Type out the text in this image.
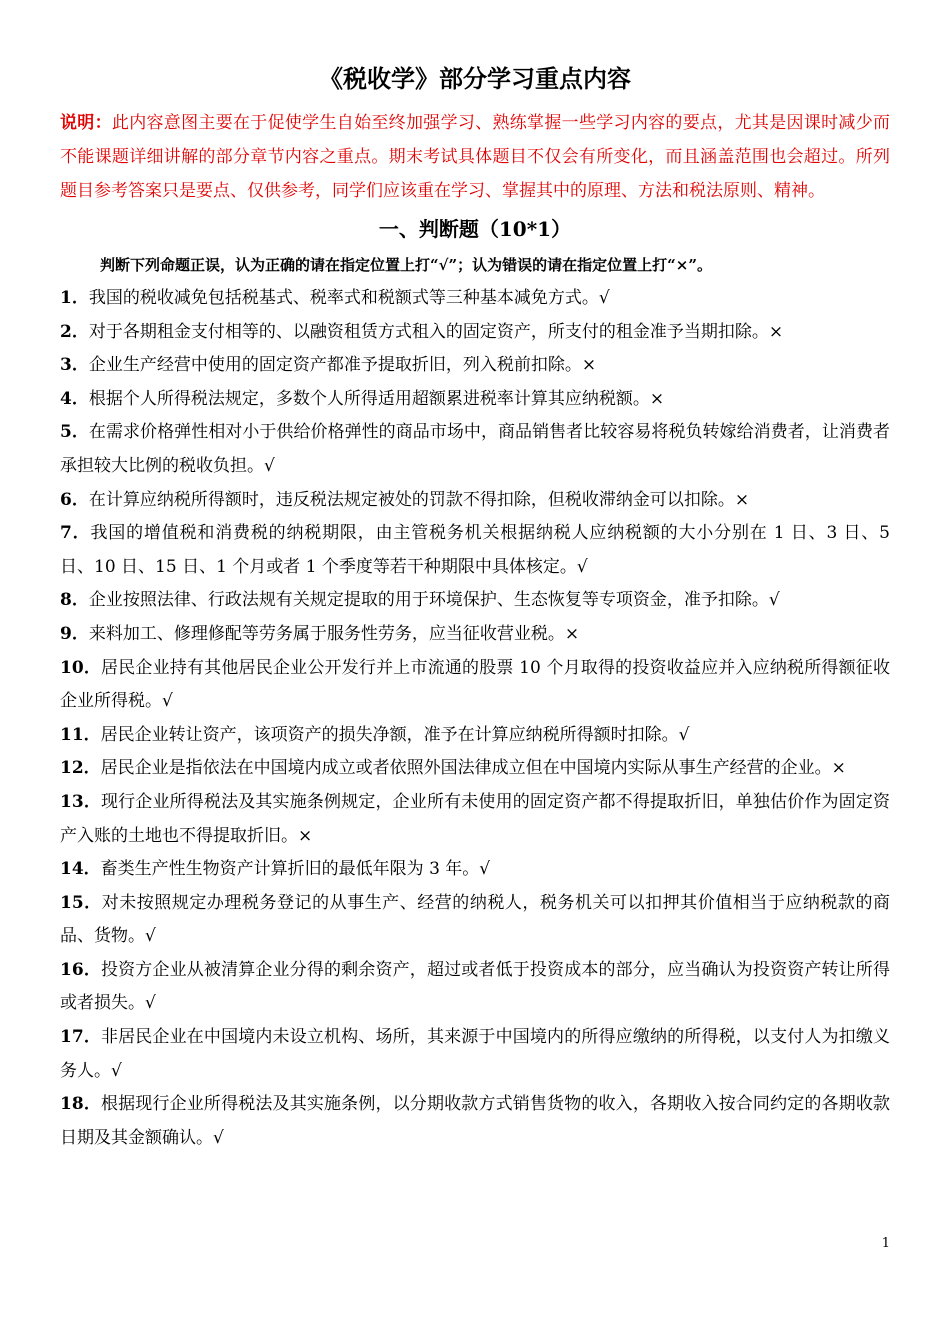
《税收学》部分学习重点内容

说明：此内容意图主要在于促使学生自始至终加强学习、熟练掌握一些学习内容的要点，尤其是因课时减少而不能课题详细讲解的部分章节内容之重点。期末考试具体题目不仅会有所变化，而且涵盖范围也会超过。所列题目参考答案只是要点、仅供参考，同学们应该重在学习、掌握其中的原理、方法和税法原则、精神。

一、判断题（10*1）

判断下列命题正误，认为正确的请在指定位置上打“√”；认为错误的请在指定位置上打“×”。

1．我国的税收减免包括税基式、税率式和税额式等三种基本减免方式。√
2．对于各期租金支付相等的、以融资租赁方式租入的固定资产，所支付的租金准予当期扣除。×
3．企业生产经营中使用的固定资产都准予提取折旧，列入税前扣除。×
4．根据个人所得税法规定，多数个人所得适用超额累进税率计算其应纳税额。×
5．在需求价格弹性相对小于供给价格弹性的商品市场中，商品销售者比较容易将税负转嫁给消费者，让消费者承担较大比例的税收负担。√
6．在计算应纳税所得额时，违反税法规定被处的罚款不得扣除，但税收滞纳金可以扣除。×
7．我国的增值税和消费税的纳税期限，由主管税务机关根据纳税人应纳税额的大小分别在 1 日、3 日、5 日、10 日、15 日、1 个月或者 1 个季度等若干种期限中具体核定。√
8．企业按照法律、行政法规有关规定提取的用于环境保护、生态恢复等专项资金，准予扣除。√
9．来料加工、修理修配等劳务属于服务性劳务，应当征收营业税。×
10．居民企业持有其他居民企业公开发行并上市流通的股票 10 个月取得的投资收益应并入应纳税所得额征收企业所得税。√
11．居民企业转让资产，该项资产的损失净额，准予在计算应纳税所得额时扣除。√
12．居民企业是指依法在中国境内成立或者依照外国法律成立但在中国境内实际从事生产经营的企业。×
13．现行企业所得税法及其实施条例规定，企业所有未使用的固定资产都不得提取折旧，单独估价作为固定资产入账的土地也不得提取折旧。×
14．畜类生产性生物资产计算折旧的最低年限为 3 年。√
15．对未按照规定办理税务登记的从事生产、经营的纳税人，税务机关可以扣押其价值相当于应纳税款的商品、货物。√
16．投资方企业从被清算企业分得的剩余资产，超过或者低于投资成本的部分，应当确认为投资资产转让所得或者损失。√
17．非居民企业在中国境内未设立机构、场所，其来源于中国境内的所得应缴纳的所得税，以支付人为扣缴义务人。√
18．根据现行企业所得税法及其实施条例，以分期收款方式销售货物的收入，各期收入按合同约定的各期收款日期及其金额确认。√
1
